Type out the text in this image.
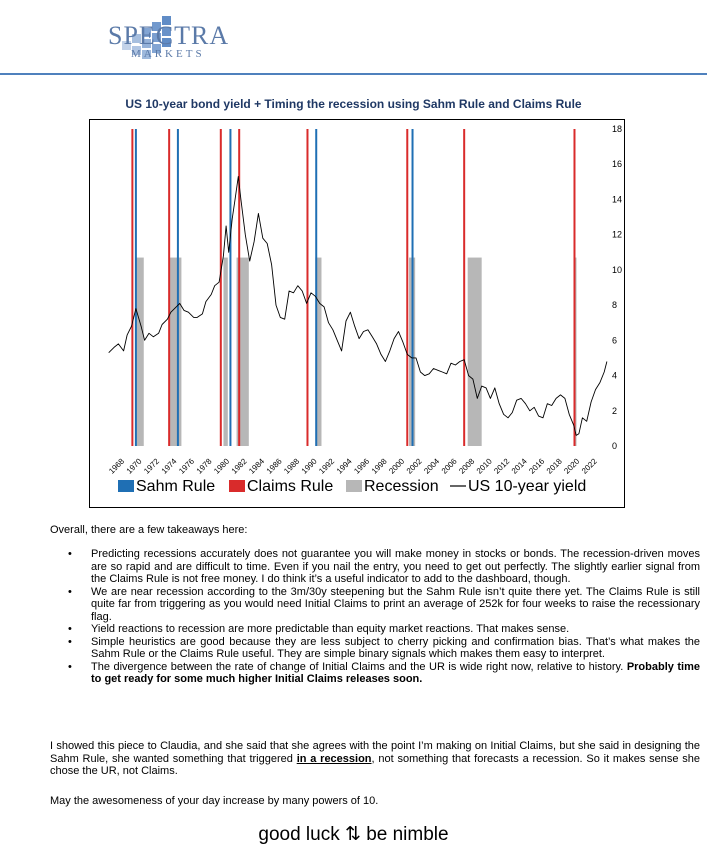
SPECTRA
MARKETS
US 10-year bond yield + Timing the recession using Sahm Rule and Claims Rule
0
2
4
6
8
10
12
14
16
18
1968
1970
1972
1974
1976
1978
1980
1982
1984
1986
1988
1990
1992
1994
1996
1998
2000
2002
2004
2006
2008
2010
2012
2014
2016
2018
2020
2022
Sahm Rule Claims Rule Recession US 10-year yield
Overall, there are a few takeaways here:
• Predicting recessions accurately does not guarantee you will make money in stocks or bonds. The recession-driven moves are so rapid and are difficult to time. Even if you nail the entry, you need to get out perfectly. The slightly earlier signal from the Claims Rule is not free money. I do think it’s a useful indicator to add to the dashboard, though.
• We are near recession according to the 3m/30y steepening but the Sahm Rule isn’t quite there yet. The Claims Rule is still quite far from triggering as you would need Initial Claims to print an average of 252k for four weeks to raise the recessionary flag.
• Yield reactions to recession are more predictable than equity market reactions. That makes sense.
• Simple heuristics are good because they are less subject to cherry picking and confirmation bias. That’s what makes the Sahm Rule or the Claims Rule useful. They are simple binary signals which makes them easy to interpret.
• The divergence between the rate of change of Initial Claims and the UR is wide right now, relative to history. Probably time to get ready for some much higher Initial Claims releases soon.
I showed this piece to Claudia, and she said that she agrees with the point I’m making on Initial Claims, but she said in designing the Sahm Rule, she wanted something that triggered in a recession, not something that forecasts a recession. So it makes sense she chose the UR, not Claims.
May the awesomeness of your day increase by many powers of 10.
good luck ⇅ be nimble
